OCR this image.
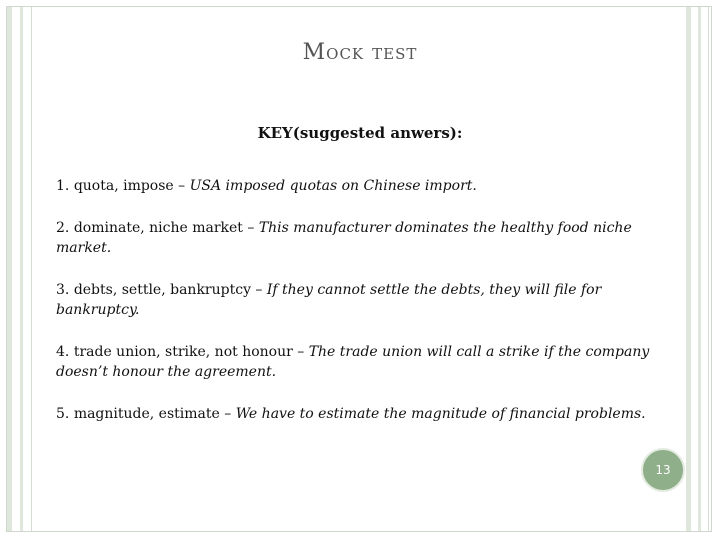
Mock test
KEY(suggested anwers):

1. quota, impose – USA imposed quotas on Chinese import.

2. dominate, niche market – This manufacturer dominates the healthy food niche market.

3. debts, settle, bankruptcy – If they cannot settle the debts, they will file for bankruptcy.

4. trade union, strike, not honour – The trade union will call a strike if the company doesn’t honour the agreement.

5. magnitude, estimate – We have to estimate the magnitude of financial problems.

13
